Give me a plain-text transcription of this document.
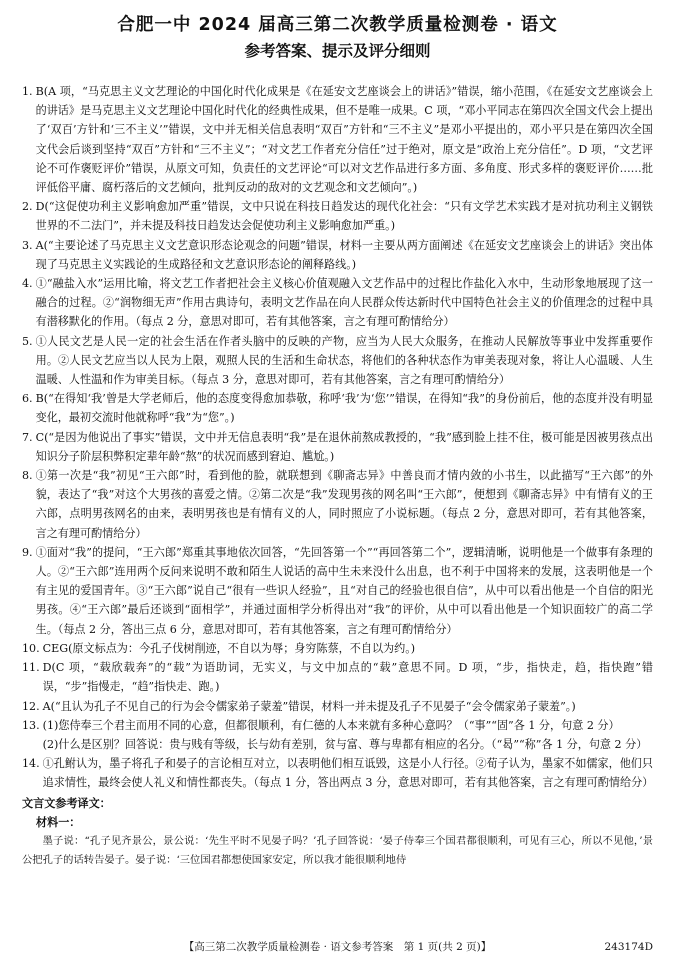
合肥一中 2024 届高三第二次教学质量检测卷 · 语文
参考答案、提示及评分细则
1. B(A 项，“马克思主义文艺理论的中国化时代化成果是《在延安文艺座谈会上的讲话》”错误，缩小范围，《在延安文艺座谈会上的讲话》是马克思主义文艺理论中国化时代化的经典性成果，但不是唯一成果。C 项，“邓小平同志在第四次全国文代会上提出了‘双百’方针和‘三不主义’”错误，文中并无相关信息表明“双百”方针和“三不主义”是邓小平提出的，邓小平只是在第四次全国文代会后谈到坚持“双百”方针和“三不主义”；“对文艺工作者充分信任”过于绝对，原文是“政治上充分信任”。D 项，“文艺评论不可作褒贬评价”错误，从原文可知，负责任的文艺评论“可以对文艺作品进行多方面、多角度、形式多样的褒贬评价……批评低俗平庸、腐朽落后的文艺倾向，批判反动的敌对的文艺观念和文艺倾向”。)
2. D(“这促使功利主义影响愈加严重”错误，文中只说在科技日趋发达的现代化社会：“只有文学艺术实践才是对抗功利主义钢铁世界的不二法门”，并未提及科技日趋发达会促使功利主义影响愈加严重。)
3. A(“主要论述了马克思主义文艺意识形态论观念的问题”错误，材料一主要从两方面阐述《在延安文艺座谈会上的讲话》突出体现了马克思主义实践论的生成路径和文艺意识形态论的阐释路线。)
4. ①“融盐入水”运用比喻，将文艺工作者把社会主义核心价值观融入文艺作品中的过程比作盐化入水中，生动形象地展现了这一融合的过程。②“润物细无声”作用古典诗句，表明文艺作品在向人民群众传达新时代中国特色社会主义的价值理念的过程中具有潜移默化的作用。（每点 2 分，意思对即可，若有其他答案，言之有理可酌情给分）
5. ①人民文艺是人民一定的社会生活在作者头脑中的反映的产物，应当为人民大众服务，在推动人民解放等事业中发挥重要作用。②人民文艺应当以人民为上限，观照人民的生活和生命状态，将他们的各种状态作为审美表现对象，将让人心温暖、人生温暖、人性温和作为审美目标。（每点 3 分，意思对即可，若有其他答案，言之有理可酌情给分）
6. B(“在得知‘我’曾是大学老师后，他的态度变得愈加恭敬，称呼‘我’为‘您’”错误，在得知“我”的身份前后，他的态度并没有明显变化，最初交流时他就称呼“我”为“您”。)
7. C(“是因为他说出了事实”错误，文中并无信息表明“我”是在退休前熬成教授的，“我”感到脸上挂不住，极可能是因被男孩点出知识分子阶层积弊积定辈年龄“熬”的状况而感到窘迫、尴尬。)
8. ①第一次是“我”初见“王六郎”时，看到他的脸，就联想到《聊斋志异》中善良而才情内敛的小书生，以此描写“王六郎”的外貌，表达了“我”对这个大男孩的喜爱之情。②第二次是“我”发现男孩的网名叫“王六郎”，便想到《聊斋志异》中有情有义的王六郎，点明男孩网名的由来，表明男孩也是有情有义的人，同时照应了小说标题。（每点 2 分，意思对即可，若有其他答案，言之有理可酌情给分）
9. ①面对“我”的提问，“王六郎”郑重其事地依次回答，“先回答第一个”“再回答第二个”，逻辑清晰，说明他是一个做事有条理的人。②“王六郎”连用两个反问来说明不敢和陌生人说话的高中生未来没什么出息，也不利于中国将来的发展，这表明他是一个有主见的爱国青年。③“王六郎”说自己“很有一些识人经验”，且“对自己的经验也很自信”，从中可以看出他是一个自信的阳光男孩。④“王六郎”最后还谈到“面相学”，并通过面相学分析得出对“我”的评价，从中可以看出他是一个知识面较广的高二学生。（每点 2 分，答出三点 6 分，意思对即可，若有其他答案，言之有理可酌情给分）
10. CEG(原文标点为：今孔子伐树削迹，不自以为辱；身穷陈蔡，不自以为约。)
11. D(C 项，“载欣载奔”的“载”为语助词，无实义，与文中加点的“载”意思不同。D 项，“步，指快走，趋，指快跑”错误，“步”指慢走，“趋”指快走、跑。)
12. A(“且认为孔子不见自己的行为会令儒家弟子蒙羞”错误，材料一并未提及孔子不见晏子“会令儒家弟子蒙羞”。)
13. (1)您侍奉三个君主而用不同的心意，但都很顺利，有仁德的人本来就有多种心意吗？（“事”“固”各 1 分，句意 2 分）
(2)什么是区别？回答说：贵与贱有等级，长与幼有差别，贫与富、尊与卑都有相应的名分。（“曷”“称”各 1 分，句意 2 分）
14. ①孔鲋认为，墨子将孔子和晏子的言论相互对立，以表明他们相互诋毁，这是小人行径。②荀子认为，墨家不如儒家，他们只追求情性，最终会使人礼义和情性都丧失。（每点 1 分，答出两点 3 分，意思对即可，若有其他答案，言之有理可酌情给分）
文言文参考译文：
材料一：
墨子说：“孔子见齐景公，景公说：‘先生平时不见晏子吗？’孔子回答说：‘晏子侍奉三个国君都很顺利，可见有三心，所以不见他，’景公把孔子的话转告晏子。晏子说：‘三位国君都想使国家安定，所以我才能很顺利地侍
【高三第二次教学质量检测卷 · 语文参考答案　第 1 页(共 2 页)】	243174D
